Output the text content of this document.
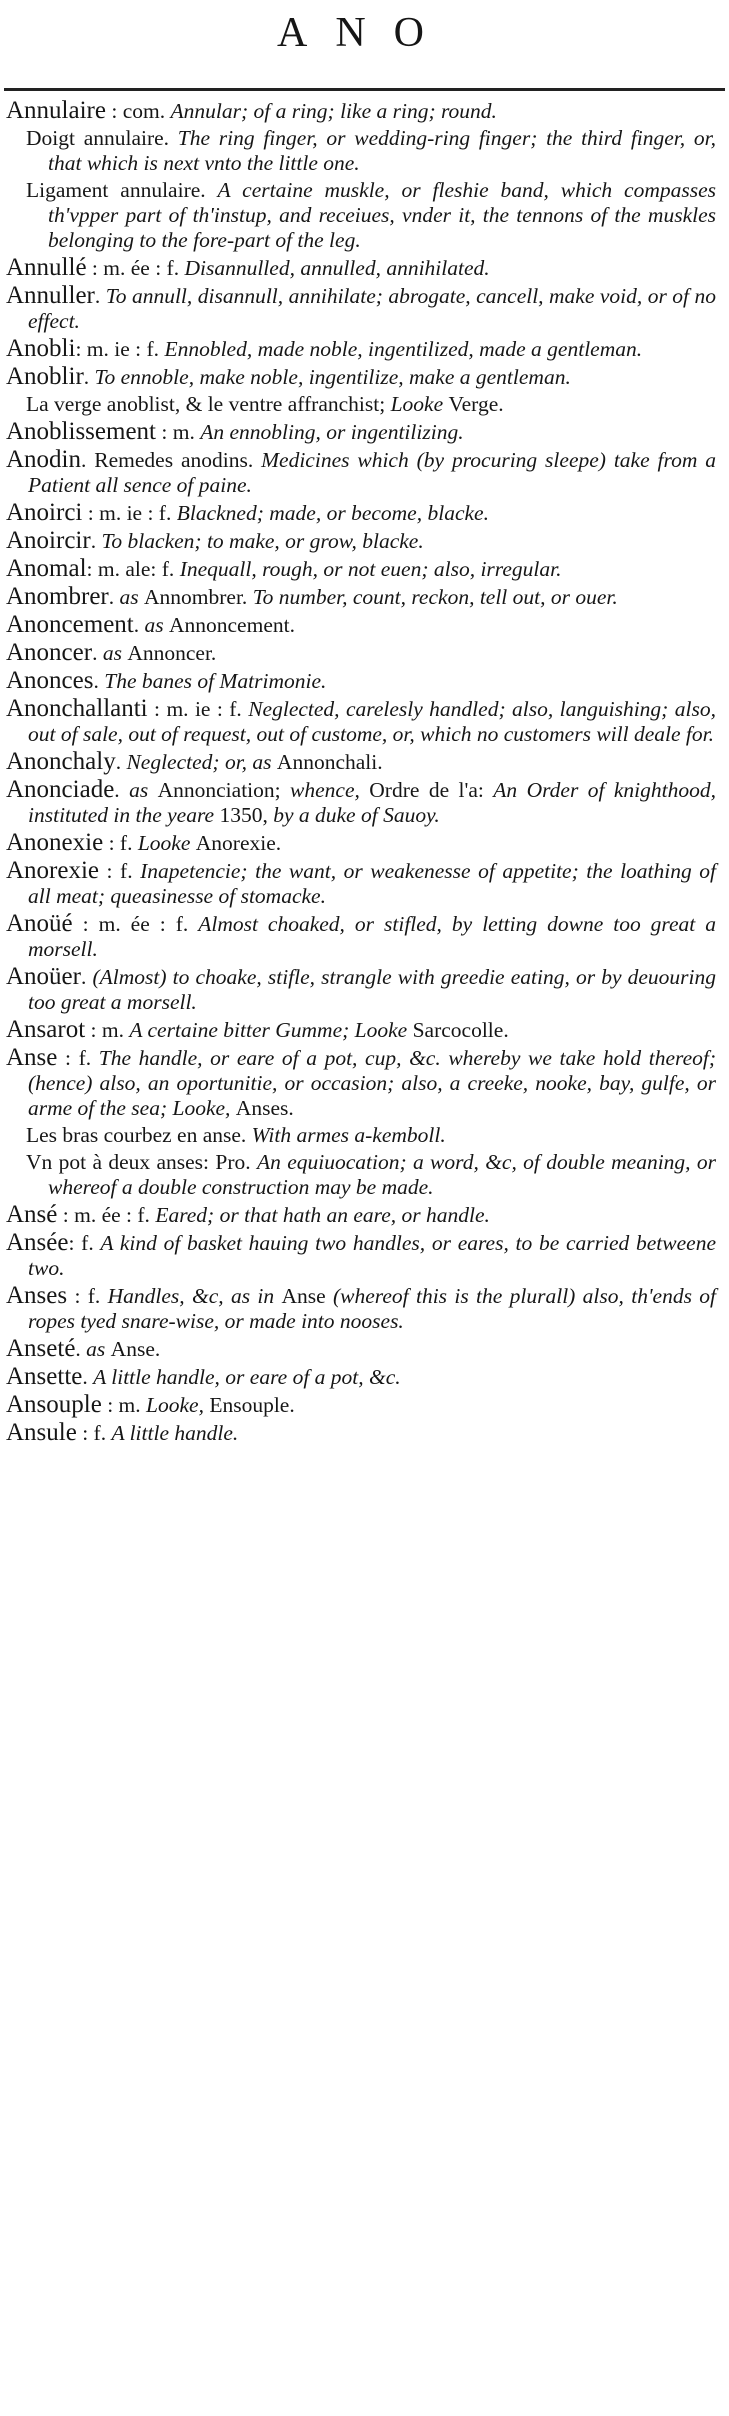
ANO
Annulaire : com. Annular; of a ring; like a ring; round.
Doigt annulaire. The ring finger, or wedding-ring finger; the third finger, or, that which is next vnto the little one.
Ligament annulaire. A certaine muskle, or fleshie band, which compasses th'vpper part of th'instup, and receiues, vnder it, the tennons of the muskles belonging to the fore-part of the leg.
Annullé : m. ée : f. Disannulled, annulled, annihilated.
Annuller. To annull, disannull, annihilate; abrogate, cancell, make void, or of no effect.
Anobli: m. ie : f. Ennobled, made noble, ingentilized, made a gentleman.
Anoblir. To ennoble, make noble, ingentilize, make a gentleman.
La verge anoblist, & le ventre affranchist; Looke Verge.
Anoblissement : m. An ennobling, or ingentilizing.
Anodin. Remedes anodins. Medicines which (by procuring sleepe) take from a Patient all sence of paine.
Anoirci : m. ie : f. Blackned; made, or become, blacke.
Anoircir. To blacken; to make, or grow, blacke.
Anomal: m. ale: f. Inequall, rough, or not euen; also, irregular.
Anombrer. as Annombrer. To number, count, reckon, tell out, or ouer.
Anoncement. as Annoncement.
Anoncer. as Annoncer.
Anonces. The banes of Matrimonie.
Anonchallanti : m. ie : f. Neglected, carelesly handled; also, languishing; also, out of sale, out of request, out of custome, or, which no customers will deale for.
Anonchaly. Neglected; or, as Annonchali.
Anonciade. as Annonciation; whence, Ordre de l'a: An Order of knighthood, instituted in the yeare 1350, by a duke of Sauoy.
Anonexie : f. Looke Anorexie.
Anorexie : f. Inapetencie; the want, or weakenesse of appetite; the loathing of all meat; queasinesse of stomacke.
Anoüé : m. ée : f. Almost choaked, or stifled, by letting downe too great a morsell.
Anoüer. (Almost) to choake, stifle, strangle with greedie eating, or by deuouring too great a morsell.
Ansarot : m. A certaine bitter Gumme; Looke Sarcocolle.
Anse : f. The handle, or eare of a pot, cup, &c. whereby we take hold thereof; (hence) also, an oportunitie, or occasion; also, a creeke, nooke, bay, gulfe, or arme of the sea; Looke, Anses.
Les bras courbez en anse. With armes a-kemboll.
Vn pot à deux anses: Pro. An equiuocation; a word, &c, of double meaning, or whereof a double construction may be made.
Ansé : m. ée : f. Eared; or that hath an eare, or handle.
Ansée: f. A kind of basket hauing two handles, or eares, to be carried betweene two.
Anses : f. Handles, &c, as in Anse (whereof this is the plurall) also, th'ends of ropes tyed snare-wise, or made into nooses.
Anseté. as Anse.
Ansette. A little handle, or eare of a pot, &c.
Ansouple : m. Looke, Ensouple.
Ansule : f. A little handle.
